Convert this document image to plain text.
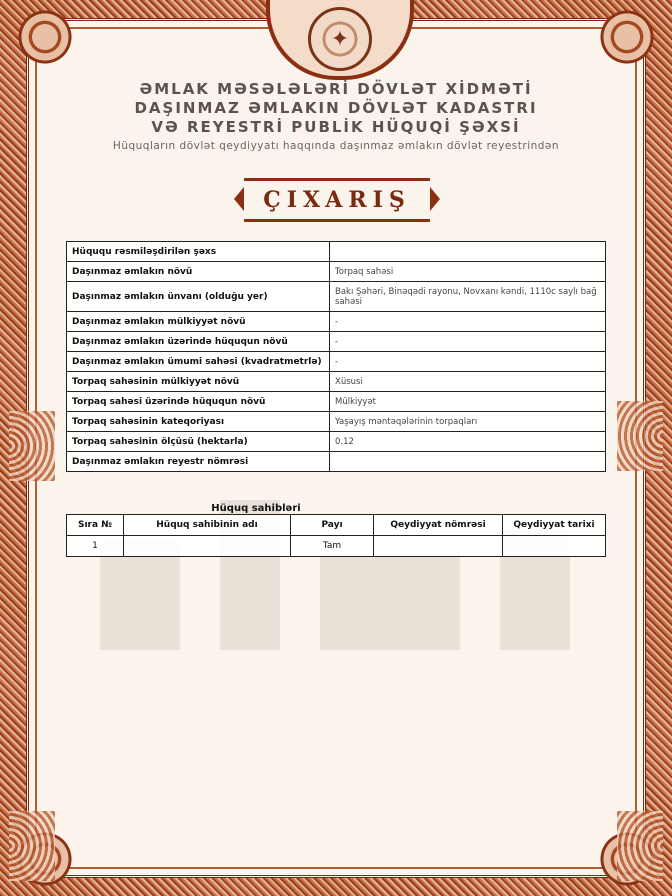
✦
ƏMLAK MƏSƏLƏLƏRİ DÖVLƏT XİDMƏTİ
DAŞINMAZ ƏMLAKIN DÖVLƏT KADASTRI
VƏ REYESTRİ PUBLİK HÜQUQİ ŞƏXSİ
Hüquqların dövlət qeydiyyatı haqqında daşınmaz əmlakın dövlət reyestrindən
ÇIXARIŞ
Hüququ rəsmiləşdirilən şəxs	
Daşınmaz əmlakın növü	Torpaq sahəsi
Daşınmaz əmlakın ünvanı (olduğu yer)	Bakı Şəhəri, Binəqədi rayonu, Novxanı kəndi, 1110c saylı bağ sahəsi
Daşınmaz əmlakın mülkiyyət növü	-
Daşınmaz əmlakın üzərində hüququn növü	-
Daşınmaz əmlakın ümumi sahəsi (kvadratmetrlə)	-
Torpaq sahəsinin mülkiyyət növü	Xüsusi
Torpaq sahəsi üzərində hüququn növü	Mülkiyyət
Torpaq sahəsinin kateqoriyası	Yaşayış məntəqələrinin torpaqları
Torpaq sahəsinin ölçüsü (hektarla)	0.12
Daşınmaz əmlakın reyestr nömrəsi	
Hüquq sahibləri
Sıra №	Hüquq sahibinin adı	Payı	Qeydiyyat nömrəsi	Qeydiyyat tarixi
1		Tam		
